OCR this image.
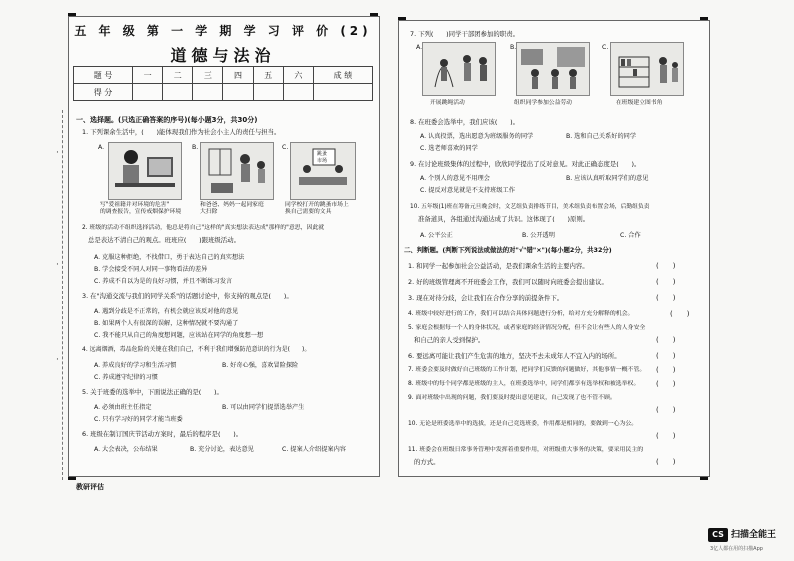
·
·
·
五 年 级 第 一 学 期 学 习 评 价 (2)
道德与法治
题 号	一	二	三	四	五	六	成 绩
得 分							
一、选择题。(只选正确答案的序号)(每小题3分，共30分)
1. 下列课余生活中，(　　)能体现我们作为社会小主人的责任与担当。
A.	B.	C.
跳蚤
市场
写"爱祖籍并对环境的危害"
的调查报告，宣传戒烟保护环境
和爸爸、妈妈一起同家庭
大扫除
同学校打开的跳蚤市场上
换自己需要的文具
2. 班级的活动不组织选择活动，他总是将自己"这样的"真实想法表达成"那样的"意思，因此就
总是表达不清自己的观点。班班应(　　)跟班级活动。
A. 克服这种拒绝，不找借口，勇于表达自己的真实想法
B. 学会接受不同人对同一事物看法的差异
C. 养成不自以为是的良好习惯，并且不断练习发言
3. 在"沟通交流与我们的同学关系"的话题讨论中，你支持的观点是(　　)。
A. 遇到分歧是不正常的，有机会就应该反对他的意见
B. 如果两个人有很深的误解，这种情况就不要沟通了
C. 我不能只从自己的角度想问题，应该站在同学的角度想一想
4. 远离烟酒，毒品危险的关键在我们自己，不利于我们增强防范意识的行为是(　　)。
A. 养成良好的学习和生活习惯	B. 好奇心强，喜欢冒险探险
C. 养成遵守纪律的习惯
5. 关于班委的选举中，下面说法正确的是(　　)。
A. 必须由班主任指定	B. 可以由同学们提票选举产生
C. 只有学习好的同学才能当班委
6. 班级在制订国庆节活动方案时，最后的程序是(　　)。
A. 大会表决，公布结果	B. 充分讨论，表达意见	C. 提案人介绍提案内容
教研评估
7. 下列(　　)同学干部团参加的职责。
A.	B.	C.
开展跳绳活动	组织同学参加公益劳动	在班级建立图书角
8. 在班委会选举中，我们应该(　　)。
A. 认真投票，选出愿意为班级服务的同学	B. 选和自己关系好的同学
C. 选老师喜欢的同学
9. 在讨论班级集体的过程中，欣欣同学提出了反对意见。对此正确态度是(　　)。
A. 个别人的意见不用理会	B. 应该认真听取同学们的意见
C. 提反对意见就是不支持班级工作
10. 五年级(1)班在筹备元旦晚会时，文艺组负责排练节目，美术组负责布置会场，后勤组负责
准备道具，各组通过沟通达成了共识。这体现了(　　)原则。
A. 公平公正	B. 公开透明	C. 合作
二、判断题。(判断下列说法或做法的对"√"错"×")(每小题2分，共32分)
1. 和同学一起参加社会公益活动，是我们课余生活的主要内容。	(　　)
2. 好的班级管理离不开班委会工作，我们可以随时向班委会提出建议。	(　　)
3. 现在对待分歧，会让我们在合作分享的前提条件下。	(　　)
4. 班级中较好进行的工作，我们可以结合具体问题进行分析，给对方充分解释的机会。	(　　)
5. 家庭会根据每一个人的身体状况，或者家庭的经济情况分配，但不会让有些人的人身安全
和自己的亲人受到保护。	(　　)
6. 要远离可能让我们产生危害的地方，坚决不去未成年人不宜入内的场所。	(　　)
7. 班委会要及时做好自己班级的工作计划，把同学们反馈的问题做好，其他事情一概不管。 (　　)
8. 班级中的每个同学都是班级的主人，在班委选举中，同学们都享有选举权和被选举权。 (　　)
9. 面对班级中出现的问题，我们要及时提出意见建议，自己发现了也不管不顾。
(　　)
10. 无论是班委选举中的选拔，还是自己竞选班委，作用都是相同的，要做到一心为公。
(　　)
11. 班委会在班级日常事务管理中发挥着重要作用，对班级重大事务的决策，要采用民主的
的方式。	(　　)
CS 扫描全能王
3亿人都在用的扫描App
